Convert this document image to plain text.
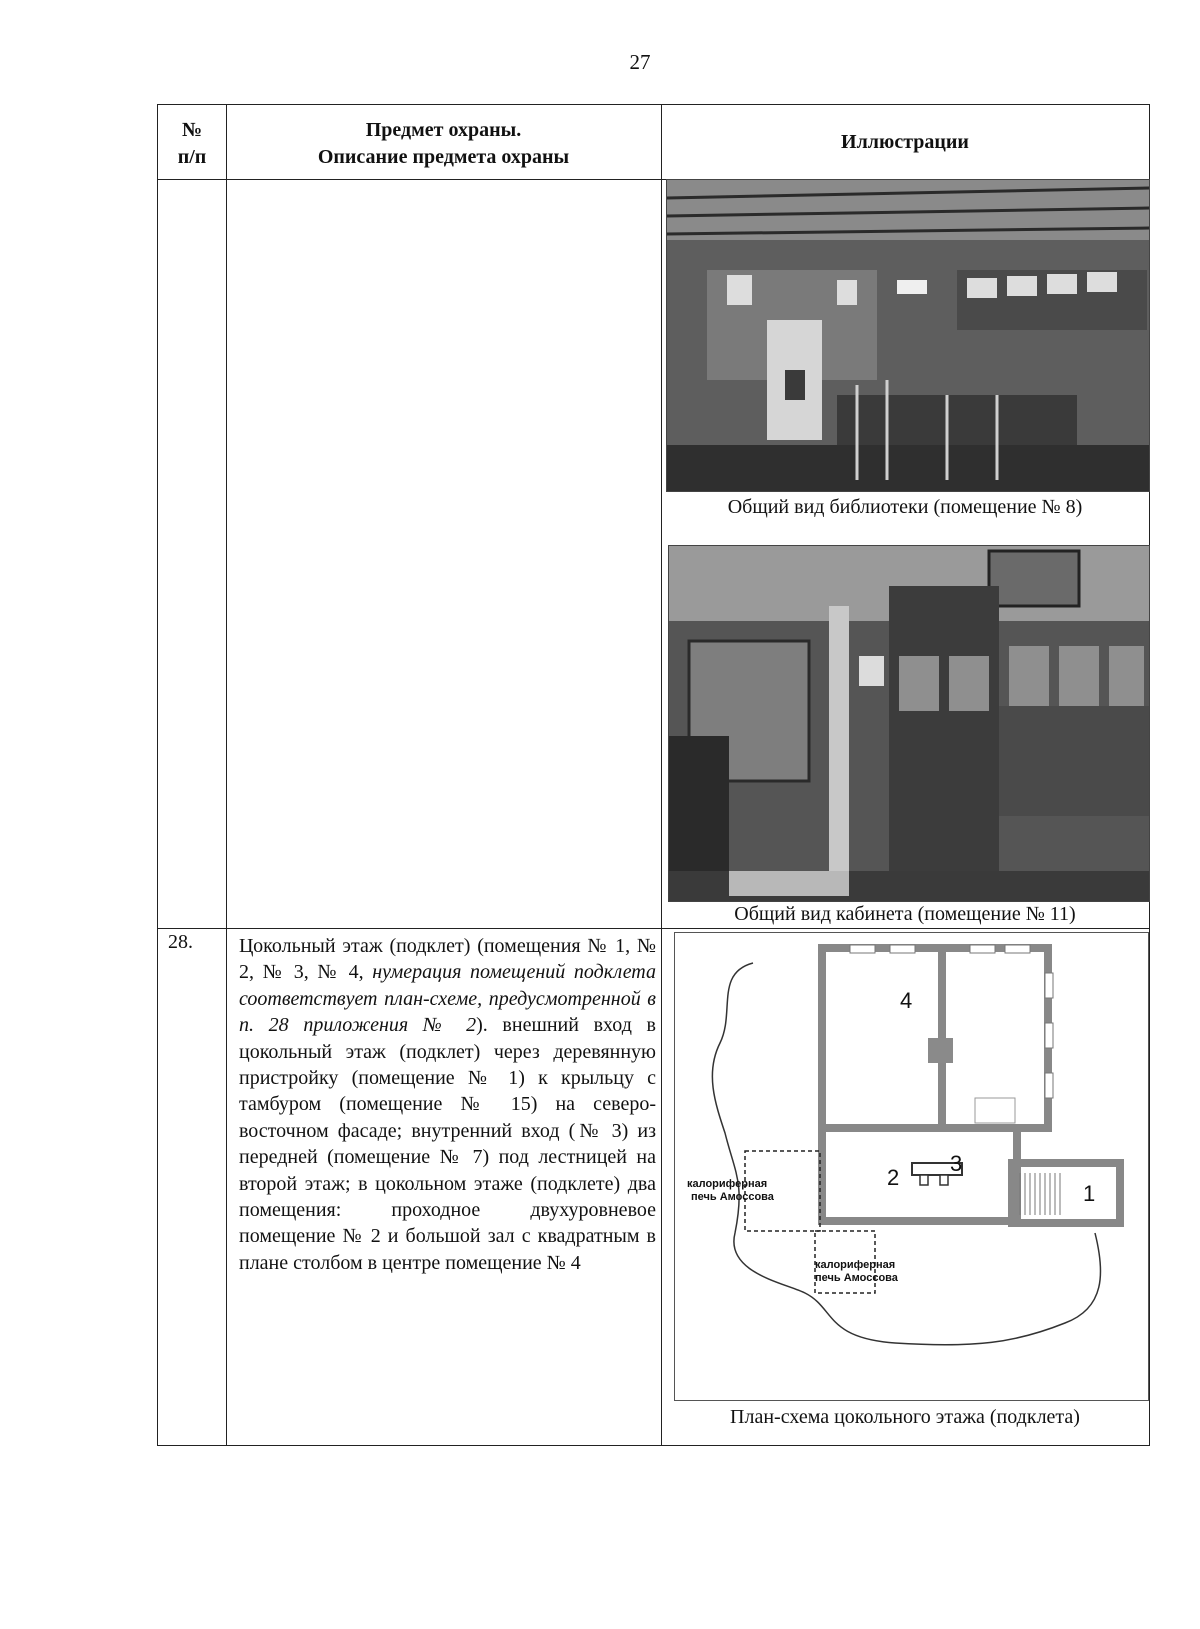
27
№
п/п
Предмет охраны.
Описание предмета охраны
Иллюстрации
Общий вид библиотеки (помещение № 8)
Общий вид кабинета (помещение № 11)
28. Цокольный этаж (подклет) (помещения № 1, № 2, № 3, № 4, нумерация помещений подклета соответствует план-схеме, предусмотренной в п. 28 приложения № 2). внешний вход в цокольный этаж (подклет) через деревянную пристройку (помещение № 1) к крыльцу с тамбуром (помещение № 15) на северо-восточном фасаде; внутренний вход (№ 3) из передней (помещение № 7) под лестницей на второй этаж; в цокольном этаже (подклете) два помещения: проходное двухуровневое помещение № 2 и большой зал с квадратным в плане столбом в центре помещение № 4
4
2
3
1
калориферная
печь Амоссова
калориферная
печь Амоссова
План-схема цокольного этажа (подклета)
